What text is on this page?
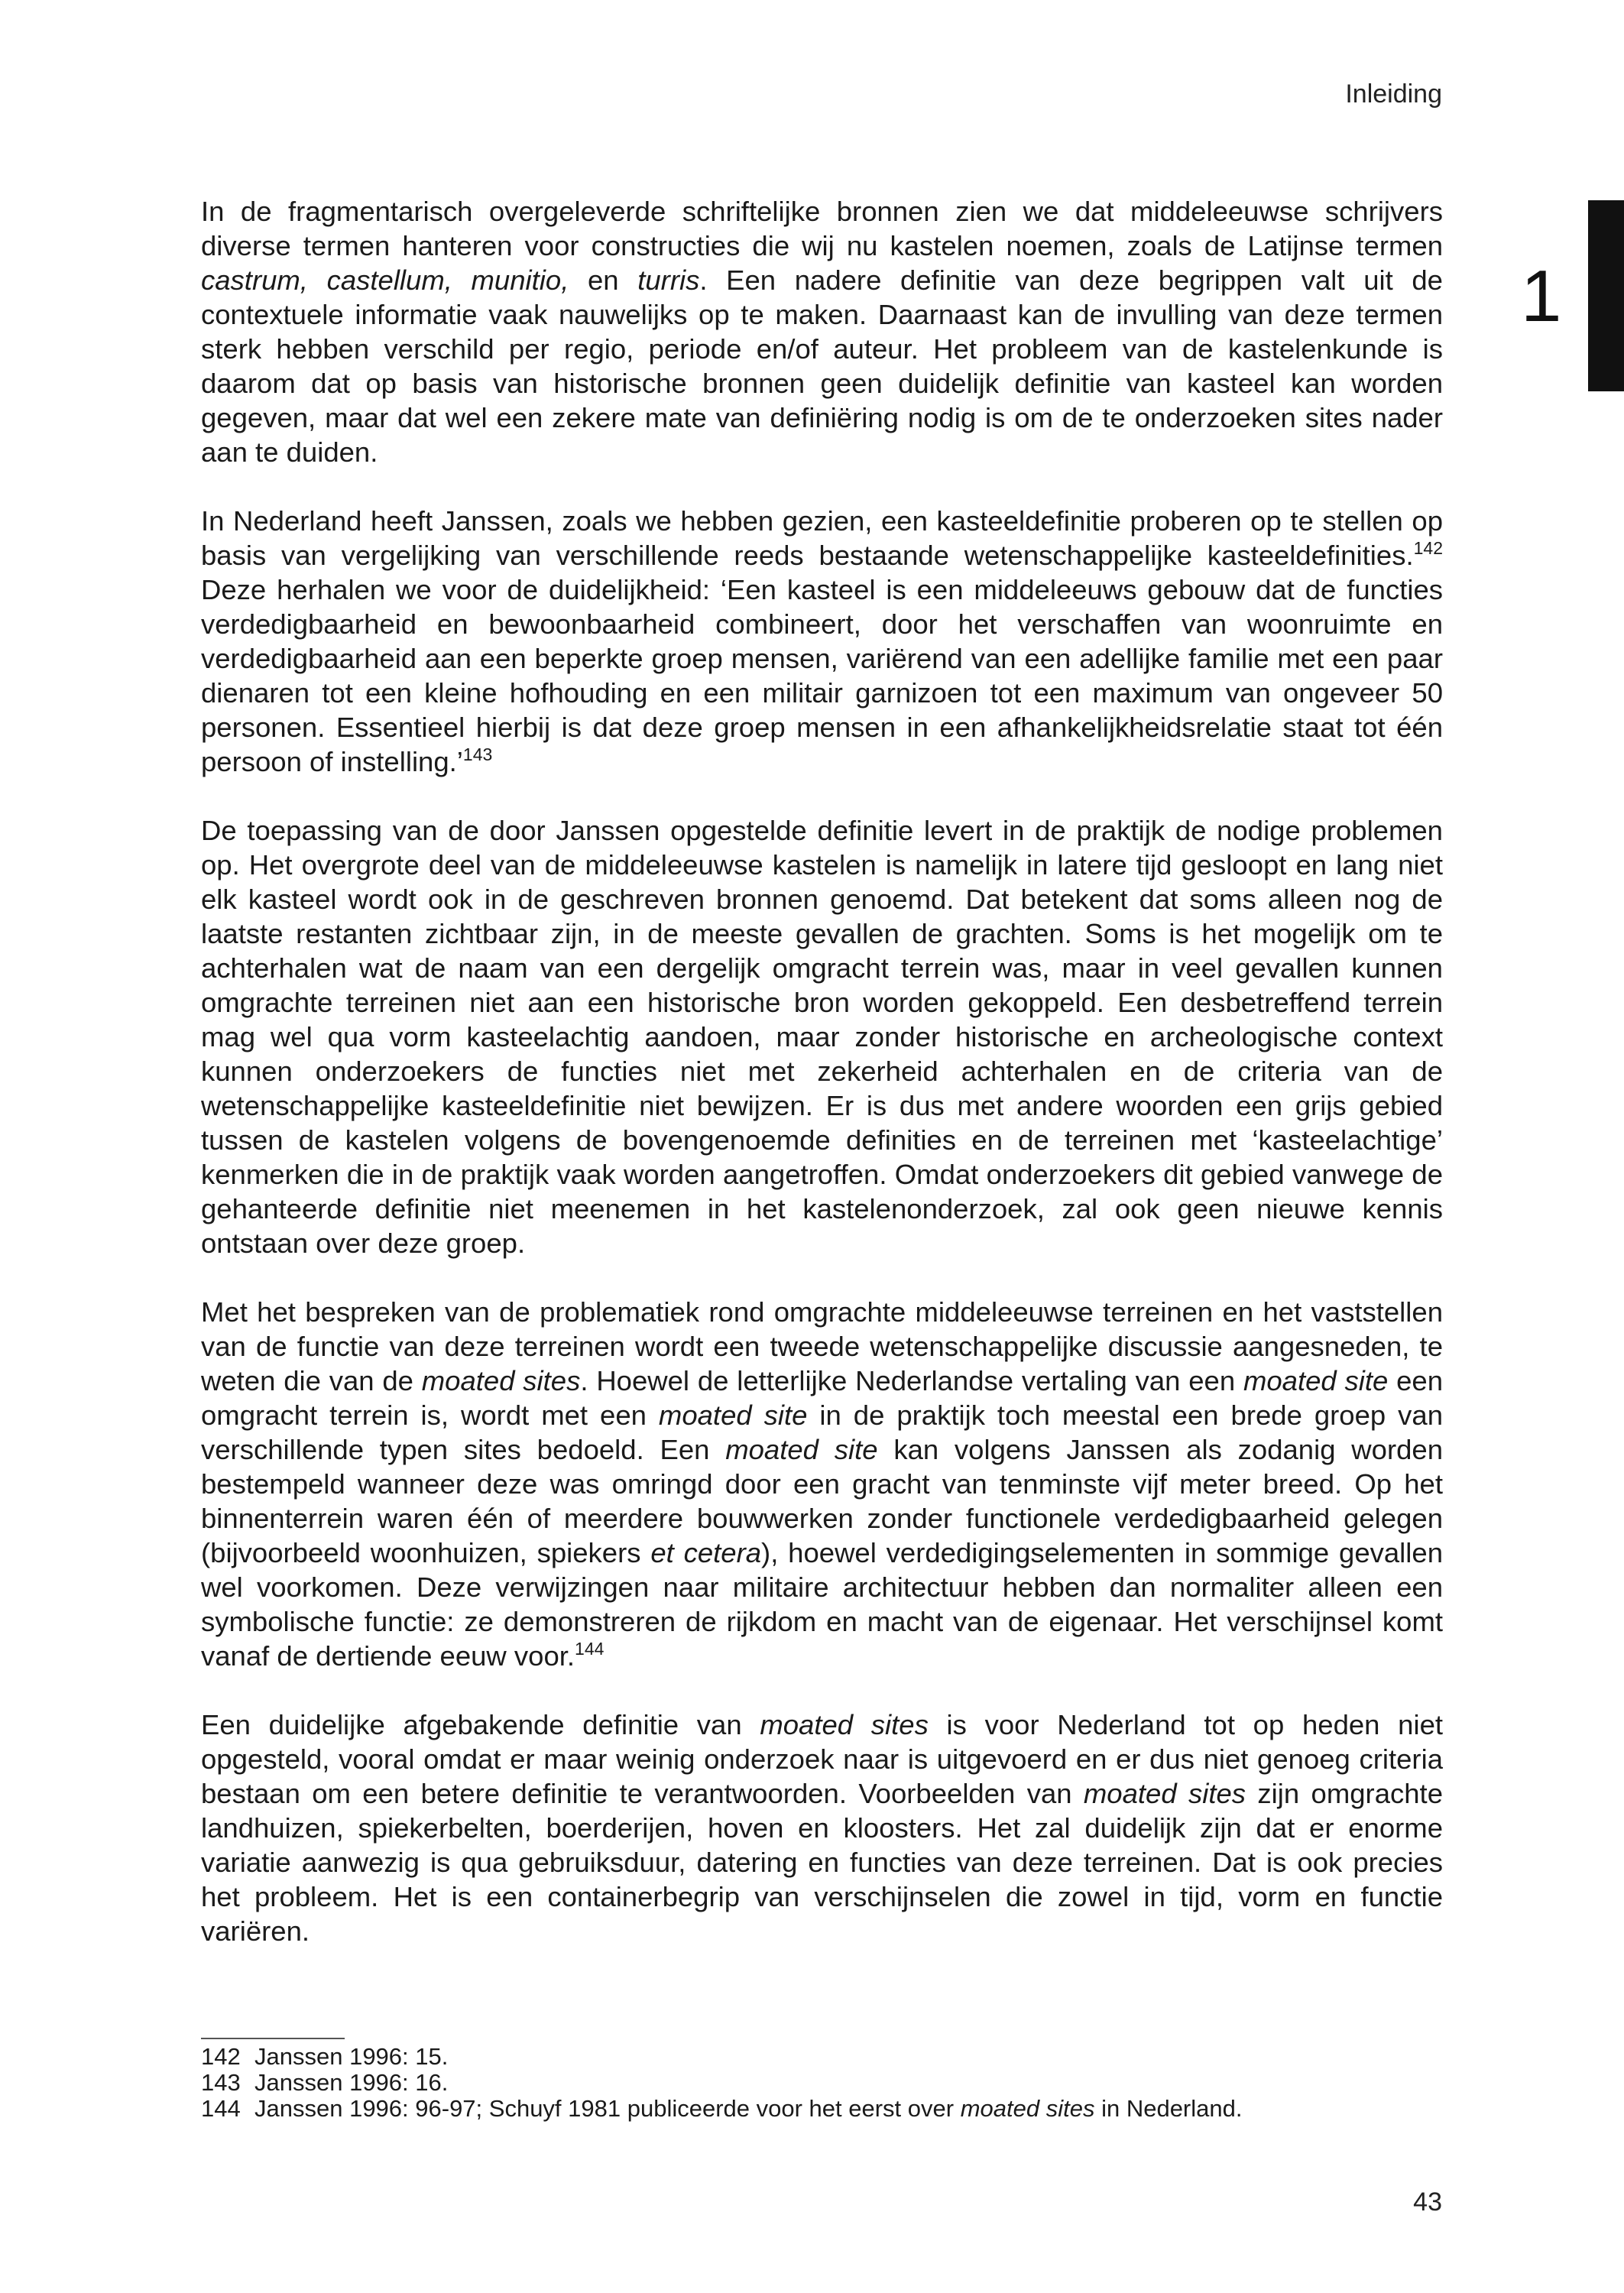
Inleiding
1

In de fragmentarisch overgeleverde schriftelijke bronnen zien we dat middeleeuwse schrijvers diverse termen hanteren voor constructies die wij nu kastelen noemen, zoals de Latijnse termen castrum, castellum, munitio, en turris. Een nadere definitie van deze begrippen valt uit de contextuele informatie vaak nauwelijks op te maken. Daarnaast kan de invulling van deze termen sterk hebben verschild per regio, periode en/of auteur. Het probleem van de kastelenkunde is daarom dat op basis van historische bronnen geen duidelijk definitie van kasteel kan worden gegeven, maar dat wel een zekere mate van definiëring nodig is om de te onderzoeken sites nader aan te duiden.

In Nederland heeft Janssen, zoals we hebben gezien, een kasteeldefinitie proberen op te stellen op basis van vergelijking van verschillende reeds bestaande wetenschappelijke kasteeldefinities.$^{142}$ Deze herhalen we voor de duidelijkheid: ‘Een kasteel is een middeleeuws gebouw dat de functies verdedigbaarheid en bewoonbaarheid combineert, door het verschaffen van woonruimte en verdedigbaarheid aan een beperkte groep mensen, variërend van een adellijke familie met een paar dienaren tot een kleine hofhouding en een militair garnizoen tot een maximum van ongeveer 50 personen. Essentieel hierbij is dat deze groep mensen in een afhankelijkheidsrelatie staat tot één persoon of instelling.’$^{143}$

De toepassing van de door Janssen opgestelde definitie levert in de praktijk de nodige problemen op. Het overgrote deel van de middeleeuwse kastelen is namelijk in latere tijd gesloopt en lang niet elk kasteel wordt ook in de geschreven bronnen genoemd. Dat betekent dat soms alleen nog de laatste restanten zichtbaar zijn, in de meeste gevallen de grachten. Soms is het mogelijk om te achterhalen wat de naam van een dergelijk omgracht terrein was, maar in veel gevallen kunnen omgrachte terreinen niet aan een historische bron worden gekoppeld. Een desbetreffend terrein mag wel qua vorm kasteelachtig aandoen, maar zonder historische en archeologische context kunnen onderzoekers de functies niet met zekerheid achterhalen en de criteria van de wetenschappelijke kasteeldefinitie niet bewijzen. Er is dus met andere woorden een grijs gebied tussen de kastelen volgens de bovengenoemde definities en de terreinen met ‘kasteelachtige’ kenmerken die in de praktijk vaak worden aangetroffen. Omdat onderzoekers dit gebied vanwege de gehanteerde definitie niet meenemen in het kastelenonderzoek, zal ook geen nieuwe kennis ontstaan over deze groep.

Met het bespreken van de problematiek rond omgrachte middeleeuwse terreinen en het vaststellen van de functie van deze terreinen wordt een tweede wetenschappelijke discussie aangesneden, te weten die van de moated sites. Hoewel de letterlijke Nederlandse vertaling van een moated site een omgracht terrein is, wordt met een moated site in de praktijk toch meestal een brede groep van verschillende typen sites bedoeld. Een moated site kan volgens Janssen als zodanig worden bestempeld wanneer deze was omringd door een gracht van tenminste vijf meter breed. Op het binnenterrein waren één of meerdere bouwwerken zonder functionele verdedigbaarheid gelegen (bijvoorbeeld woonhuizen, spiekers et cetera), hoewel verdedigingselementen in sommige gevallen wel voorkomen. Deze verwijzingen naar militaire architectuur hebben dan normaliter alleen een symbolische functie: ze demonstreren de rijkdom en macht van de eigenaar. Het verschijnsel komt vanaf de dertiende eeuw voor.$^{144}$

Een duidelijke afgebakende definitie van moated sites is voor Nederland tot op heden niet opgesteld, vooral omdat er maar weinig onderzoek naar is uitgevoerd en er dus niet genoeg criteria bestaan om een betere definitie te verantwoorden. Voorbeelden van moated sites zijn omgrachte landhuizen, spiekerbelten, boerderijen, hoven en kloosters. Het zal duidelijk zijn dat er enorme variatie aanwezig is qua gebruiksduur, datering en functies van deze terreinen. Dat is ook precies het probleem. Het is een containerbegrip van verschijnselen die zowel in tijd, vorm en functie variëren.

142 Janssen 1996: 15.
143 Janssen 1996: 16.
144 Janssen 1996: 96-97; Schuyf 1981 publiceerde voor het eerst over moated sites in Nederland.
43
